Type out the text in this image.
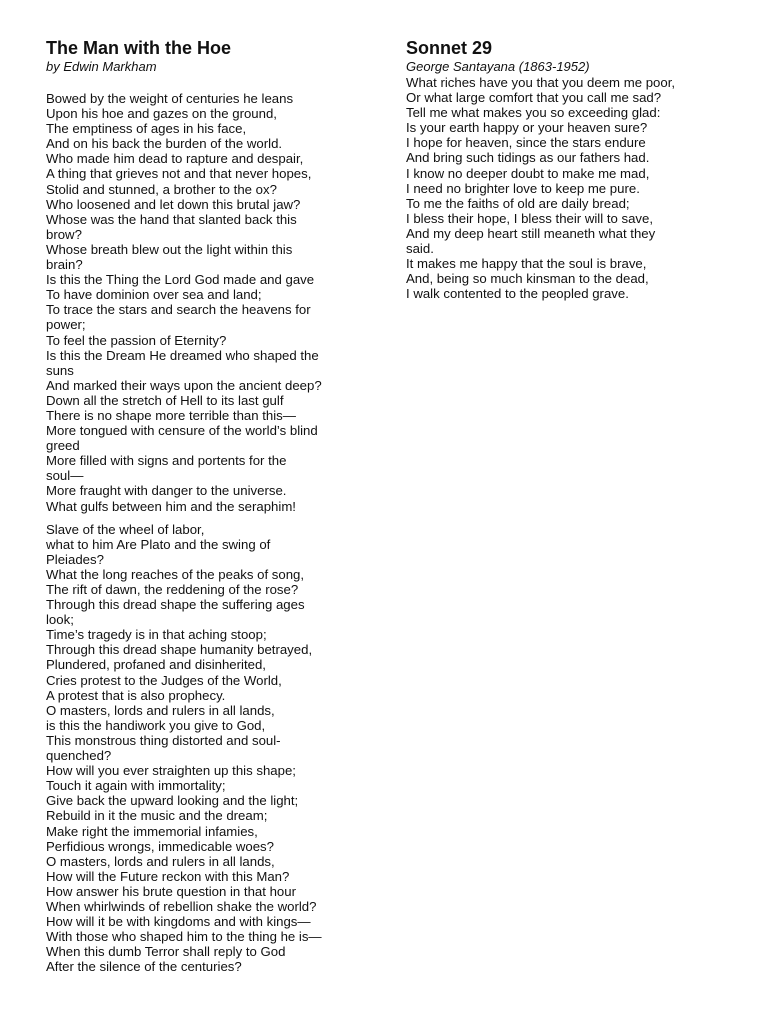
The Man with the Hoe

by Edwin Markham

Bowed by the weight of centuries he leans
Upon his hoe and gazes on the ground,
The emptiness of ages in his face,
And on his back the burden of the world.
Who made him dead to rapture and despair,
A thing that grieves not and that never hopes,
Stolid and stunned, a brother to the ox?
Who loosened and let down this brutal jaw?
Whose was the hand that slanted back this
brow?
Whose breath blew out the light within this
brain?
Is this the Thing the Lord God made and gave
To have dominion over sea and land;
To trace the stars and search the heavens for
power;
To feel the passion of Eternity?
Is this the Dream He dreamed who shaped the
suns
And marked their ways upon the ancient deep?
Down all the stretch of Hell to its last gulf
There is no shape more terrible than this—
More tongued with censure of the world’s blind
greed
More filled with signs and portents for the
soul—
More fraught with danger to the universe.
What gulfs between him and the seraphim!
Slave of the wheel of labor,
what to him Are Plato and the swing of
Pleiades?
What the long reaches of the peaks of song,
The rift of dawn, the reddening of the rose?
Through this dread shape the suffering ages
look;
Time’s tragedy is in that aching stoop;
Through this dread shape humanity betrayed,
Plundered, profaned and disinherited,
Cries protest to the Judges of the World,
A protest that is also prophecy.
O masters, lords and rulers in all lands,
is this the handiwork you give to God,
This monstrous thing distorted and soul-
quenched?
How will you ever straighten up this shape;
Touch it again with immortality;
Give back the upward looking and the light;
Rebuild in it the music and the dream;
Make right the immemorial infamies,
Perfidious wrongs, immedicable woes?
O masters, lords and rulers in all lands,
How will the Future reckon with this Man?
How answer his brute question in that hour
When whirlwinds of rebellion shake the world?
How will it be with kingdoms and with kings—
With those who shaped him to the thing he is—
When this dumb Terror shall reply to God
After the silence of the centuries?
Sonnet 29

George Santayana (1863-1952)

What riches have you that you deem me poor,
Or what large comfort that you call me sad?
Tell me what makes you so exceeding glad:
Is your earth happy or your heaven sure?
I hope for heaven, since the stars endure
And bring such tidings as our fathers had.
I know no deeper doubt to make me mad,
I need no brighter love to keep me pure.
To me the faiths of old are daily bread;
I bless their hope, I bless their will to save,
And my deep heart still meaneth what they
said.
It makes me happy that the soul is brave,
And, being so much kinsman to the dead,
I walk contented to the peopled grave.
